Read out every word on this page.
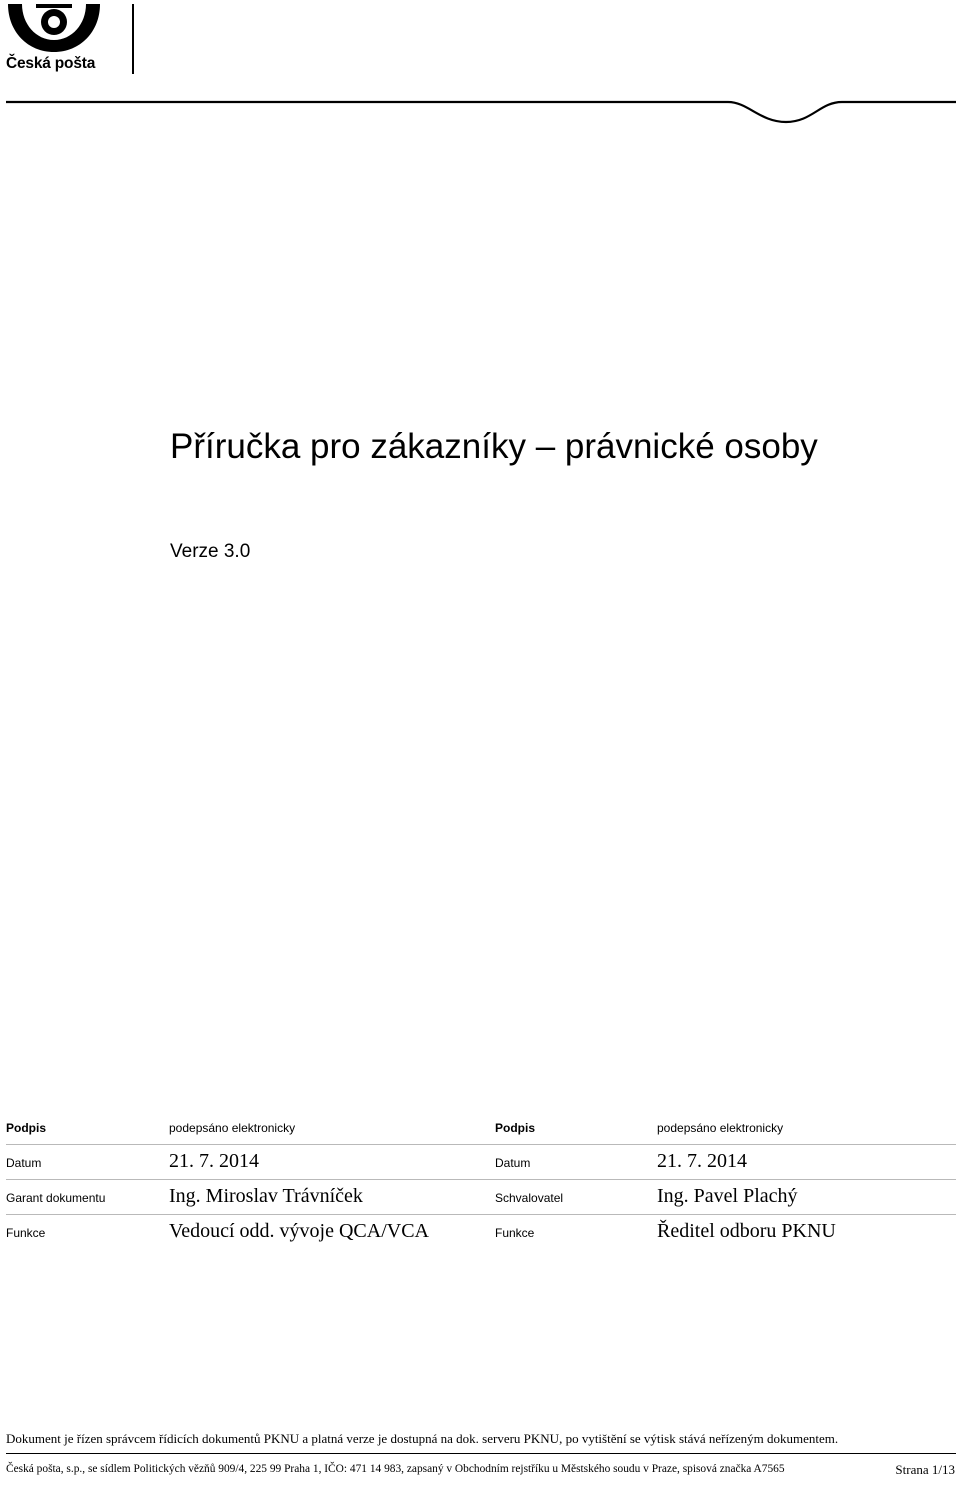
Česká pošta
Příručka pro zákazníky – právnické osoby
Verze 3.0
Podpis	podepsáno elektronicky	Podpis	podepsáno elektronicky
Datum	21. 7. 2014	Datum	21. 7. 2014
Garant dokumentu	Ing. Miroslav Trávníček	Schvalovatel	Ing. Pavel Plachý
Funkce	Vedoucí odd. vývoje QCA/VCA	Funkce	Ředitel odboru PKNU
Dokument je řízen správcem řídicích dokumentů PKNU a platná verze je dostupná na dok. serveru PKNU, po vytištění se výtisk stává neřízeným dokumentem.
Česká pošta, s.p., se sídlem Politických vězňů 909/4, 225 99 Praha 1, IČO: 471 14 983, zapsaný v Obchodním rejstříku u Městského soudu v Praze, spisová značka A7565	Strana 1/13
